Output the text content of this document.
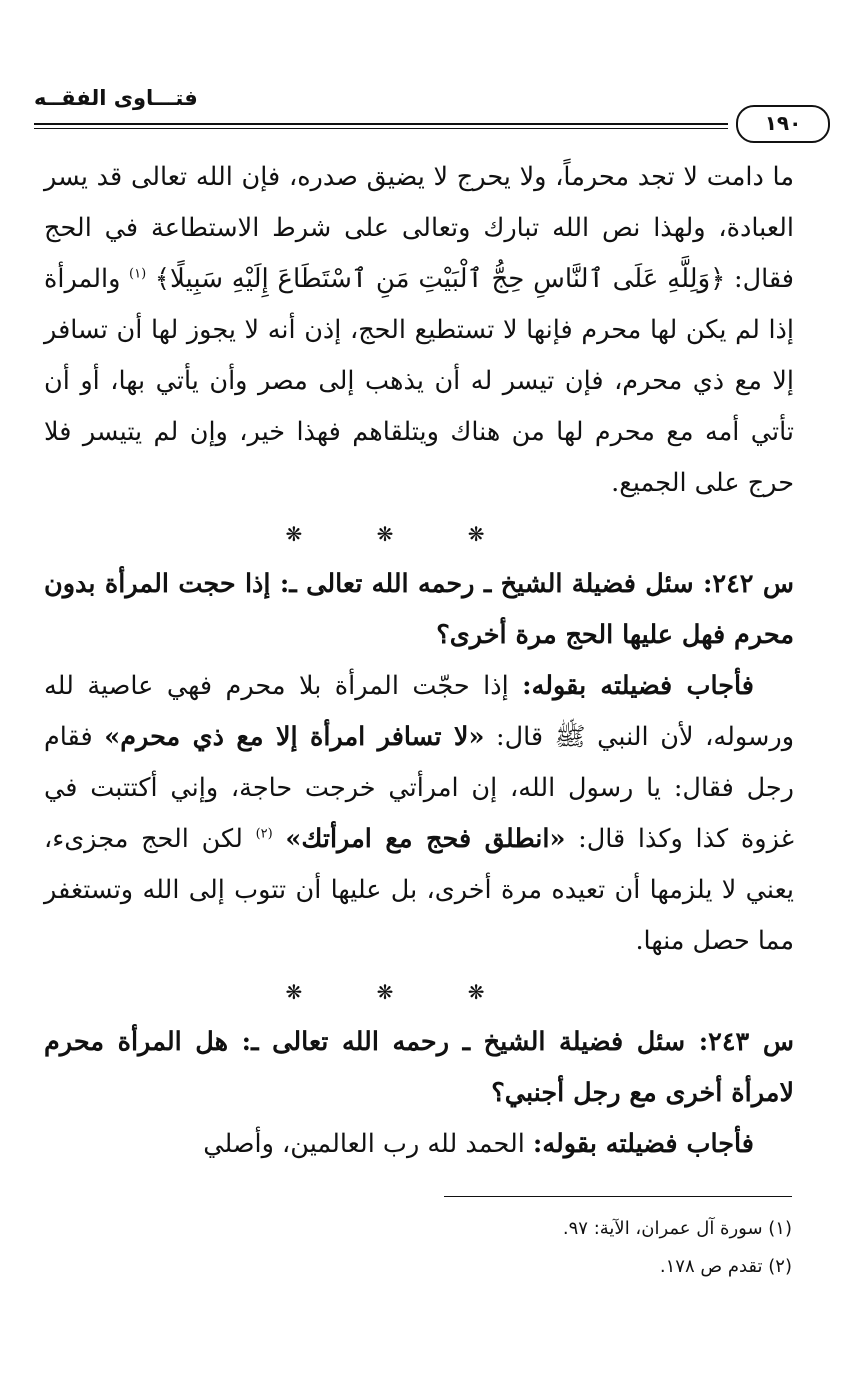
فتـــاوى الفقــه
١٩٠

ما دامت لا تجد محرماً، ولا يحرج لا يضيق صدره، فإن الله تعالى قد يسر العبادة، ولهذا نص الله تبارك وتعالى على شرط الاستطاعة في الحج فقال: ﴿وَلِلَّهِ عَلَى ٱلنَّاسِ حِجُّ ٱلْبَيْتِ مَنِ ٱسْتَطَاعَ إِلَيْهِ سَبِيلًا﴾ $^{(١)}$ والمرأة إذا لم يكن لها محرم فإنها لا تستطيع الحج، إذن أنه لا يجوز لها أن تسافر إلا مع ذي محرم، فإن تيسر له أن يذهب إلى مصر وأن يأتي بها، أو أن تأتي أمه مع محرم لها من هناك ويتلقاهم فهذا خير، وإن لم يتيسر فلا حرج على الجميع.

❋ ❋ ❋

س ٢٤٢: سئل فضيلة الشيخ ـ رحمه الله تعالى ـ: إذا حجت المرأة بدون محرم فهل عليها الحج مرة أخرى؟

فأجاب فضيلته بقوله: إذا حجّت المرأة بلا محرم فهي عاصية لله ورسوله، لأن النبي ﷺ قال: «لا تسافر امرأة إلا مع ذي محرم» فقام رجل فقال: يا رسول الله، إن امرأتي خرجت حاجة، وإني أكتتبت في غزوة كذا وكذا قال: «انطلق فحج مع امرأتك» $^{(٢)}$ لكن الحج مجزىء، يعني لا يلزمها أن تعيده مرة أخرى، بل عليها أن تتوب إلى الله وتستغفر مما حصل منها.

❋ ❋ ❋

س ٢٤٣: سئل فضيلة الشيخ ـ رحمه الله تعالى ـ: هل المرأة محرم لامرأة أخرى مع رجل أجنبي؟

فأجاب فضيلته بقوله: الحمد لله رب العالمين، وأصلي

(١) سورة آل عمران، الآية: ٩٧.
(٢) تقدم ص ١٧٨.
